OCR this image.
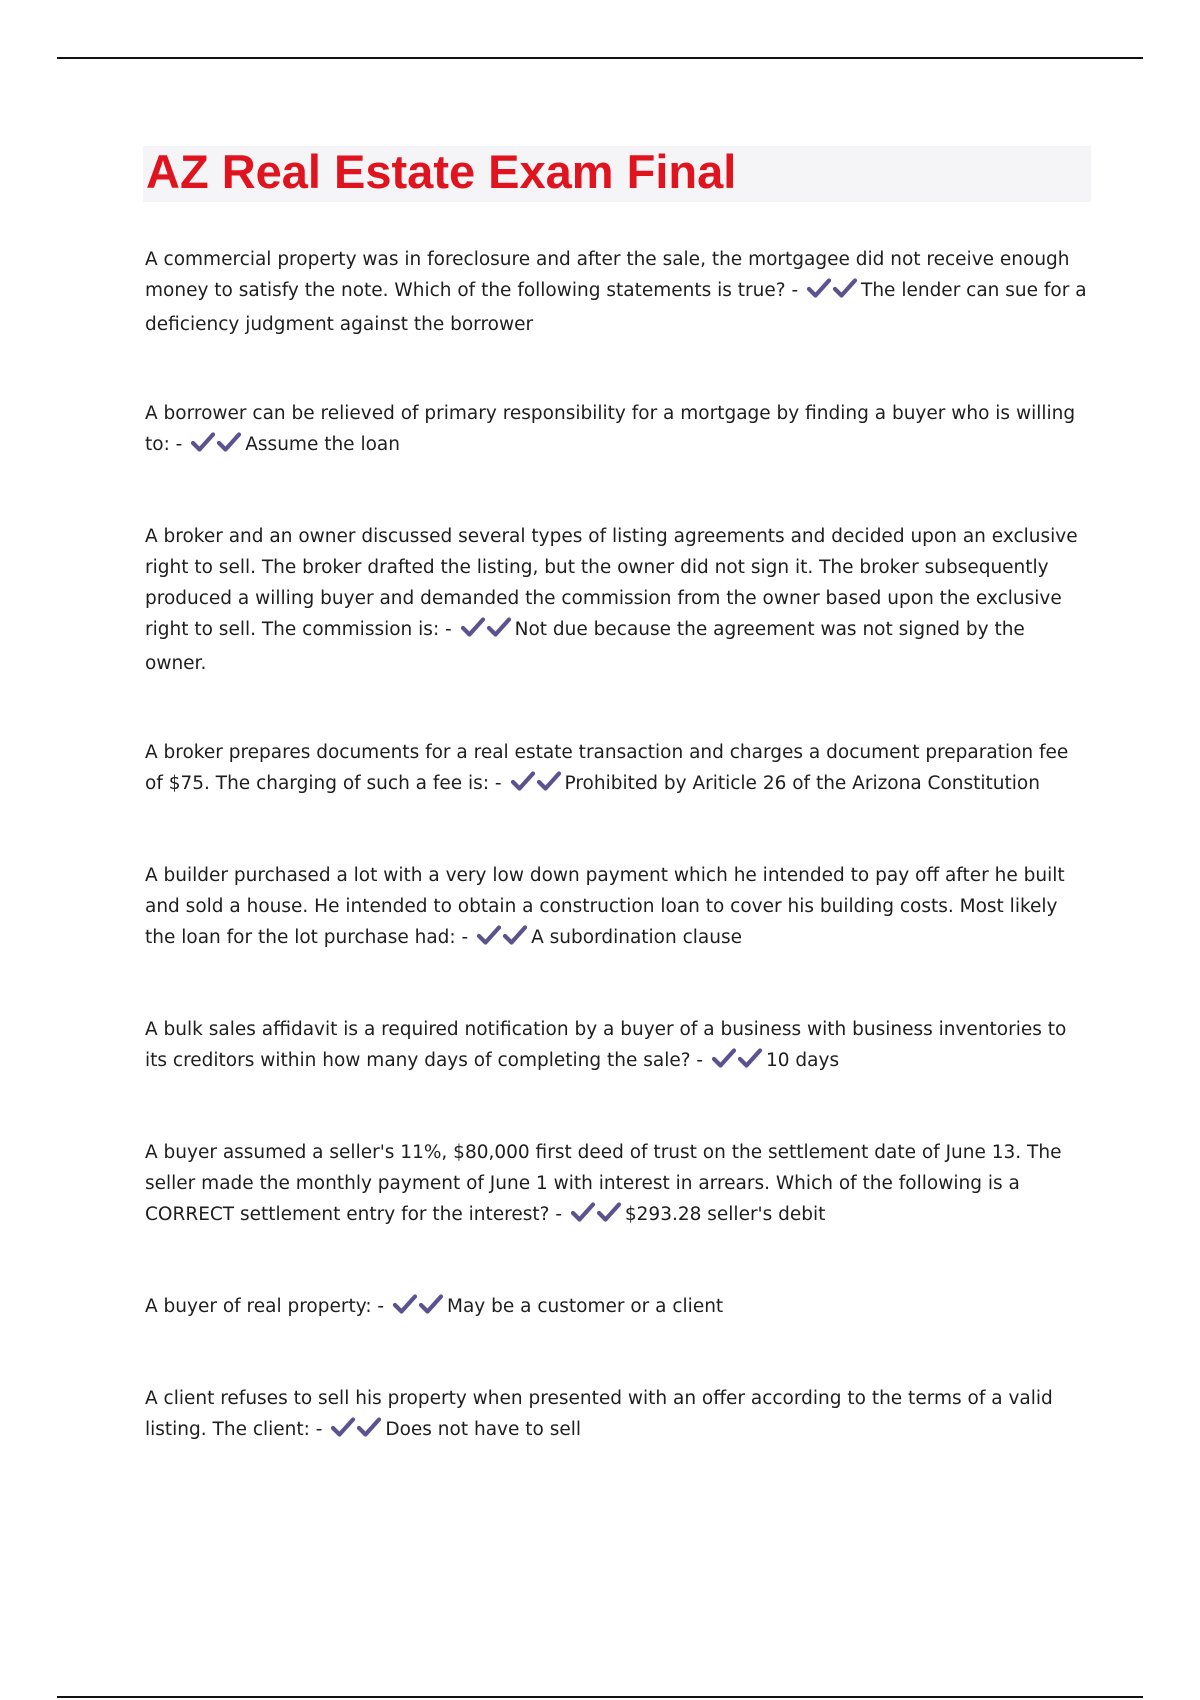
AZ Real Estate Exam Final

A commercial property was in foreclosure and after the sale, the mortgagee did not receive enough money to satisfy the note. Which of the following statements is true? -	The lender can sue for a deficiency judgment against the borrower

A borrower can be relieved of primary responsibility for a mortgage by finding a buyer who is willing to: -	Assume the loan

A broker and an owner discussed several types of listing agreements and decided upon an exclusive right to sell. The broker drafted the listing, but the owner did not sign it. The broker subsequently produced a willing buyer and demanded the commission from the owner based upon the exclusive right to sell. The commission is: -	Not due because the agreement was not signed by the owner.

A broker prepares documents for a real estate transaction and charges a document preparation fee of $75. The charging of such a fee is: -	Prohibited by Ariticle 26 of the Arizona Constitution

A builder purchased a lot with a very low down payment which he intended to pay off after he built and sold a house. He intended to obtain a construction loan to cover his building costs. Most likely the loan for the lot purchase had: -	A subordination clause

A bulk sales affidavit is a required notification by a buyer of a business with business inventories to its creditors within how many days of completing the sale? -	10 days

A buyer assumed a seller's 11%, $80,000 first deed of trust on the settlement date of June 13. The seller made the monthly payment of June 1 with interest in arrears. Which of the following is a CORRECT settlement entry for the interest? -	$293.28 seller's debit

A buyer of real property: -	May be a customer or a client

A client refuses to sell his property when presented with an offer according to the terms of a valid listing. The client: -	Does not have to sell
